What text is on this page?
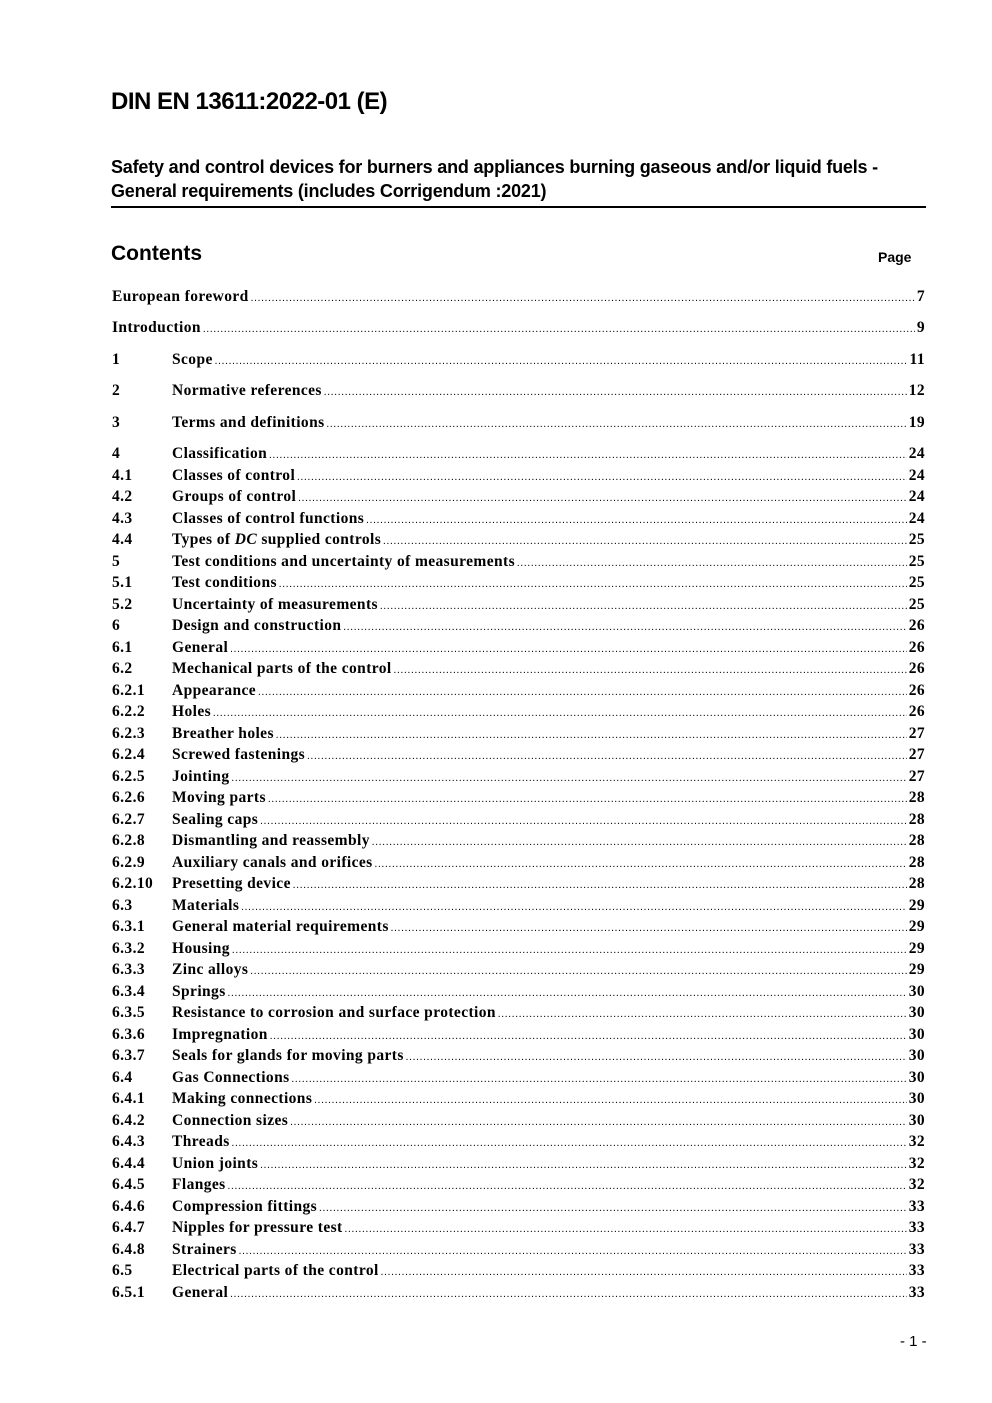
DIN EN 13611:2022-01 (E)
Safety and control devices for burners and appliances burning gaseous and/or liquid fuels - General requirements (includes Corrigendum :2021)
Contents	Page
European foreword .....	7
Introduction .....	9
1	Scope .....	11
2	Normative references .....	12
3	Terms and definitions .....	19
4	Classification .....	24
4.1	Classes of control .....	24
4.2	Groups of control .....	24
4.3	Classes of control functions .....	24
4.4	Types of DC supplied controls .....	25
5	Test conditions and uncertainty of measurements .....	25
5.1	Test conditions .....	25
5.2	Uncertainty of measurements .....	25
6	Design and construction .....	26
6.1	General .....	26
6.2	Mechanical parts of the control .....	26
6.2.1	Appearance .....	26
6.2.2	Holes .....	26
6.2.3	Breather holes .....	27
6.2.4	Screwed fastenings .....	27
6.2.5	Jointing .....	27
6.2.6	Moving parts .....	28
6.2.7	Sealing caps .....	28
6.2.8	Dismantling and reassembly .....	28
6.2.9	Auxiliary canals and orifices .....	28
6.2.10	Presetting device .....	28
6.3	Materials .....	29
6.3.1	General material requirements .....	29
6.3.2	Housing .....	29
6.3.3	Zinc alloys .....	29
6.3.4	Springs .....	30
6.3.5	Resistance to corrosion and surface protection .....	30
6.3.6	Impregnation .....	30
6.3.7	Seals for glands for moving parts .....	30
6.4	Gas Connections .....	30
6.4.1	Making connections .....	30
6.4.2	Connection sizes .....	30
6.4.3	Threads .....	32
6.4.4	Union joints .....	32
6.4.5	Flanges .....	32
6.4.6	Compression fittings .....	33
6.4.7	Nipples for pressure test .....	33
6.4.8	Strainers .....	33
6.5	Electrical parts of the control .....	33
6.5.1	General .....	33
- 1 -
